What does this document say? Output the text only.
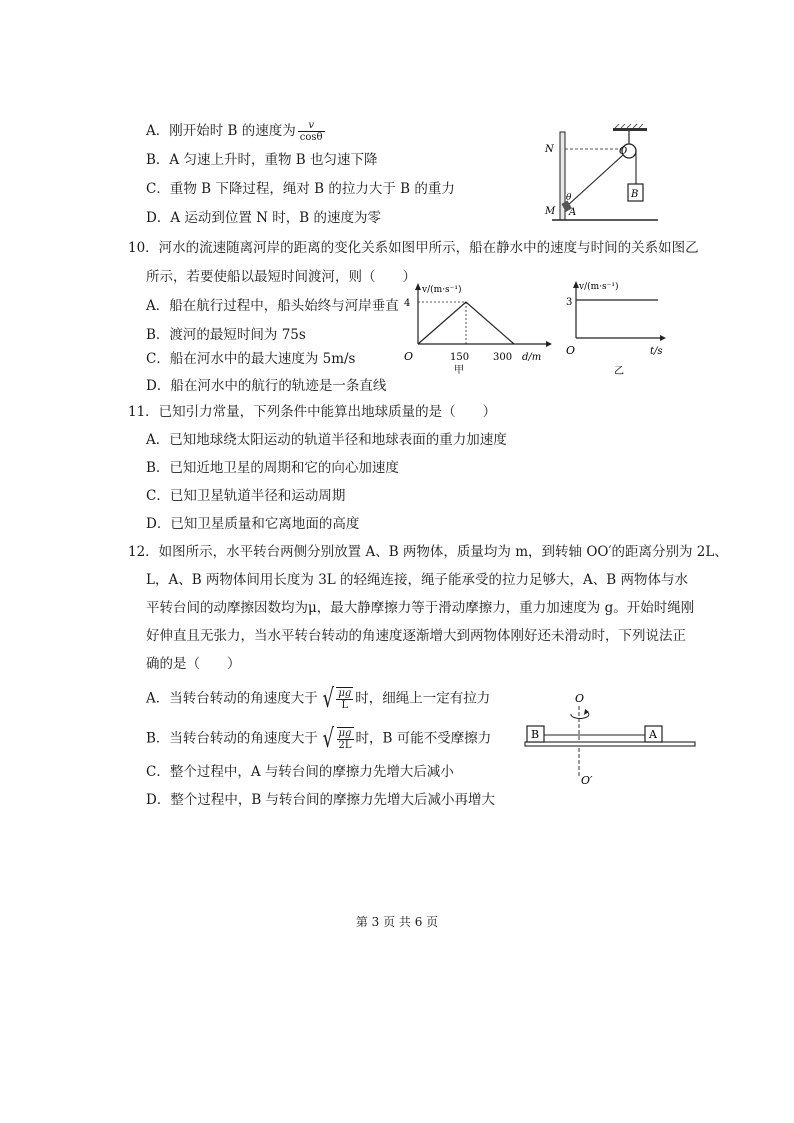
A．刚开始时 B 的速度为 $\frac{v}{\cos\theta}$
B．A 匀速上升时，重物 B 也匀速下降
C．重物 B 下降过程，绳对 B 的拉力大于 B 的重力
D．A 运动到位置 N 时，B 的速度为零
B
N	O
θ
M A
10．河水的流速随离河岸的距离的变化关系如图甲所示，船在静水中的速度与时间的关系如图乙
所示，若要使船以最短时间渡河，则（　　）
A．船在航行过程中，船头始终与河岸垂直
B．渡河的最短时间为 75s
C．船在河水中的最大速度为 5m/s
D．船在河水中的航行的轨迹是一条直线
v/(m·s⁻¹)
4
O	150 300 d/m
甲
v/(m·s⁻¹)
3
O	t/s
乙
11．已知引力常量，下列条件中能算出地球质量的是（　　）
A．已知地球绕太阳运动的轨道半径和地球表面的重力加速度
B．已知近地卫星的周期和它的向心加速度
C．已知卫星轨道半径和运动周期
D．已知卫星质量和它离地面的高度
12．如图所示，水平转台两侧分别放置 A、B 两物体，质量均为 m，到转轴 OO′的距离分别为 2L、
L，A、B 两物体间用长度为 3L 的轻绳连接，绳子能承受的拉力足够大，A、B 两物体与水
平转台间的动摩擦因数均为μ，最大静摩擦力等于滑动摩擦力，重力加速度为 g。开始时绳刚
好伸直且无张力，当水平转台转动的角速度逐渐增大到两物体刚好还未滑动时，下列说法正
确的是（　　）
A．当转台转动的角速度大于 √ $\frac{\mu g}{L}$ 时，细绳上一定有拉力
B．当转台转动的角速度大于 √ $\frac{\mu g}{2L}$ 时，B 可能不受摩擦力
C．整个过程中，A 与转台间的摩擦力先增大后减小
D．整个过程中，B 与转台间的摩擦力先增大后减小再增大
O
B	A
O′
第 3 页 共 6 页
